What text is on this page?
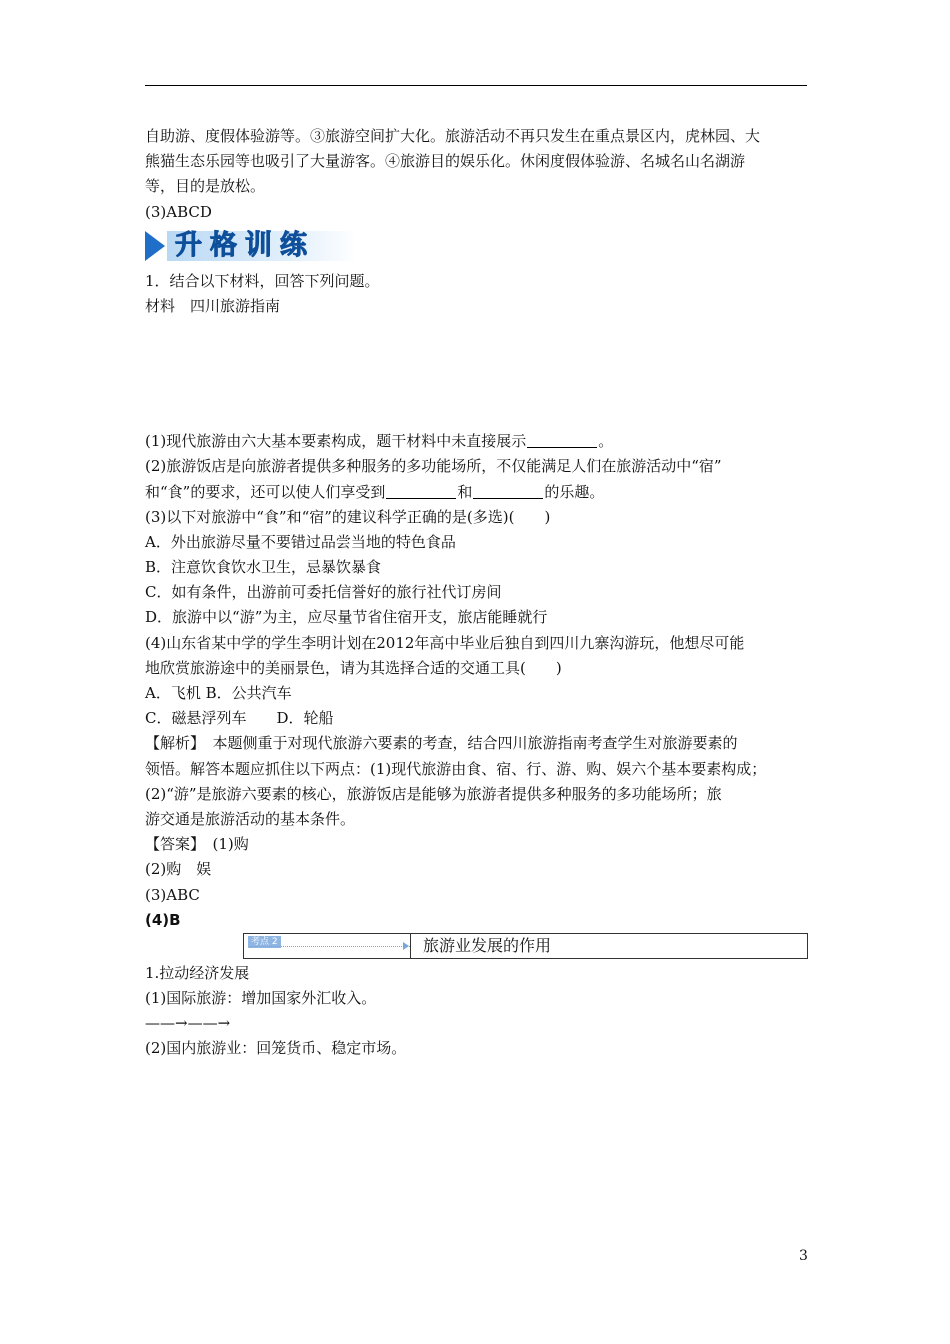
自助游、度假体验游等。③旅游空间扩大化。旅游活动不再只发生在重点景区内，虎林园、大
熊猫生态乐园等也吸引了大量游客。④旅游目的娱乐化。休闲度假体验游、名城名山名湖游
等，目的是放松。
(3)ABCD
升格训练
1．结合以下材料，回答下列问题。
材料　四川旅游指南
(1)现代旅游由六大基本要素构成，题干材料中未直接展示	。
(2)旅游饭店是向旅游者提供多种服务的多功能场所，不仅能满足人们在旅游活动中“宿”
和“食”的要求，还可以使人们享受到	和	的乐趣。
(3)以下对旅游中“食”和“宿”的建议科学正确的是(多选)(　　)
A．外出旅游尽量不要错过品尝当地的特色食品
B．注意饮食饮水卫生，忌暴饮暴食
C．如有条件，出游前可委托信誉好的旅行社代订房间
D．旅游中以“游”为主，应尽量节省住宿开支，旅店能睡就行
(4)山东省某中学的学生李明计划在2012年高中毕业后独自到四川九寨沟游玩，他想尽可能
地欣赏旅游途中的美丽景色，请为其选择合适的交通工具(　　)
A．飞机 B．公共汽车
C．磁悬浮列车　　D．轮船
【解析】　本题侧重于对现代旅游六要素的考查，结合四川旅游指南考查学生对旅游要素的
领悟。解答本题应抓住以下两点：(1)现代旅游由食、宿、行、游、购、娱六个基本要素构成；
(2)“游”是旅游六要素的核心，旅游饭店是能够为旅游者提供多种服务的多功能场所；旅
游交通是旅游活动的基本条件。
【答案】　(1)购
(2)购　娱
(3)ABC
(4)B
考点 2	旅游业发展的作用
1.拉动经济发展
(1)国际旅游：增加国家外汇收入。
——→——→
(2)国内旅游业：回笼货币、稳定市场。
3
